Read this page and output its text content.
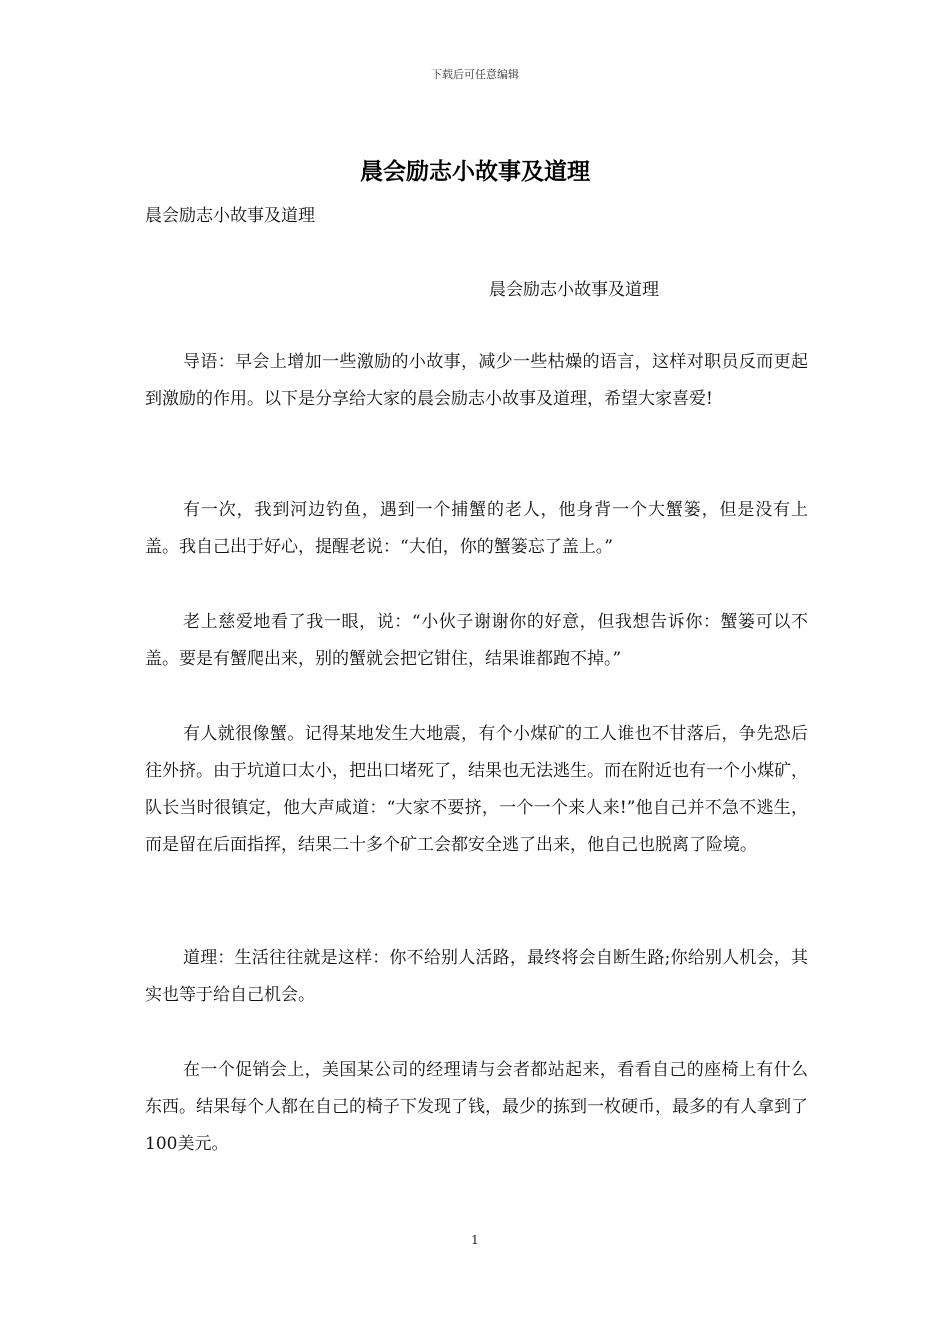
下载后可任意编辑
晨会励志小故事及道理
晨会励志小故事及道理
晨会励志小故事及道理

导语：早会上增加一些激励的小故事，减少一些枯燥的语言，这样对职员反而更起到激励的作用。以下是分享给大家的晨会励志小故事及道理，希望大家喜爱!

有一次，我到河边钓鱼，遇到一个捕蟹的老人，他身背一个大蟹篓，但是没有上盖。我自己出于好心，提醒老说：“大伯，你的蟹篓忘了盖上。”

老上慈爱地看了我一眼，说：“小伙子谢谢你的好意，但我想告诉你：蟹篓可以不盖。要是有蟹爬出来，别的蟹就会把它钳住，结果谁都跑不掉。”

有人就很像蟹。记得某地发生大地震，有个小煤矿的工人谁也不甘落后，争先恐后往外挤。由于坑道口太小，把出口堵死了，结果也无法逃生。而在附近也有一个小煤矿，队长当时很镇定，他大声咸道：“大家不要挤，一个一个来人来!”他自己并不急不逃生，而是留在后面指挥，结果二十多个矿工会都安全逃了出来，他自己也脱离了险境。

道理：生活往往就是这样：你不给别人活路，最终将会自断生路;你给别人机会，其实也等于给自己机会。

在一个促销会上，美国某公司的经理请与会者都站起来，看看自己的座椅上有什么东西。结果每个人都在自己的椅子下发现了钱，最少的拣到一枚硬币，最多的有人拿到了100美元。

1
